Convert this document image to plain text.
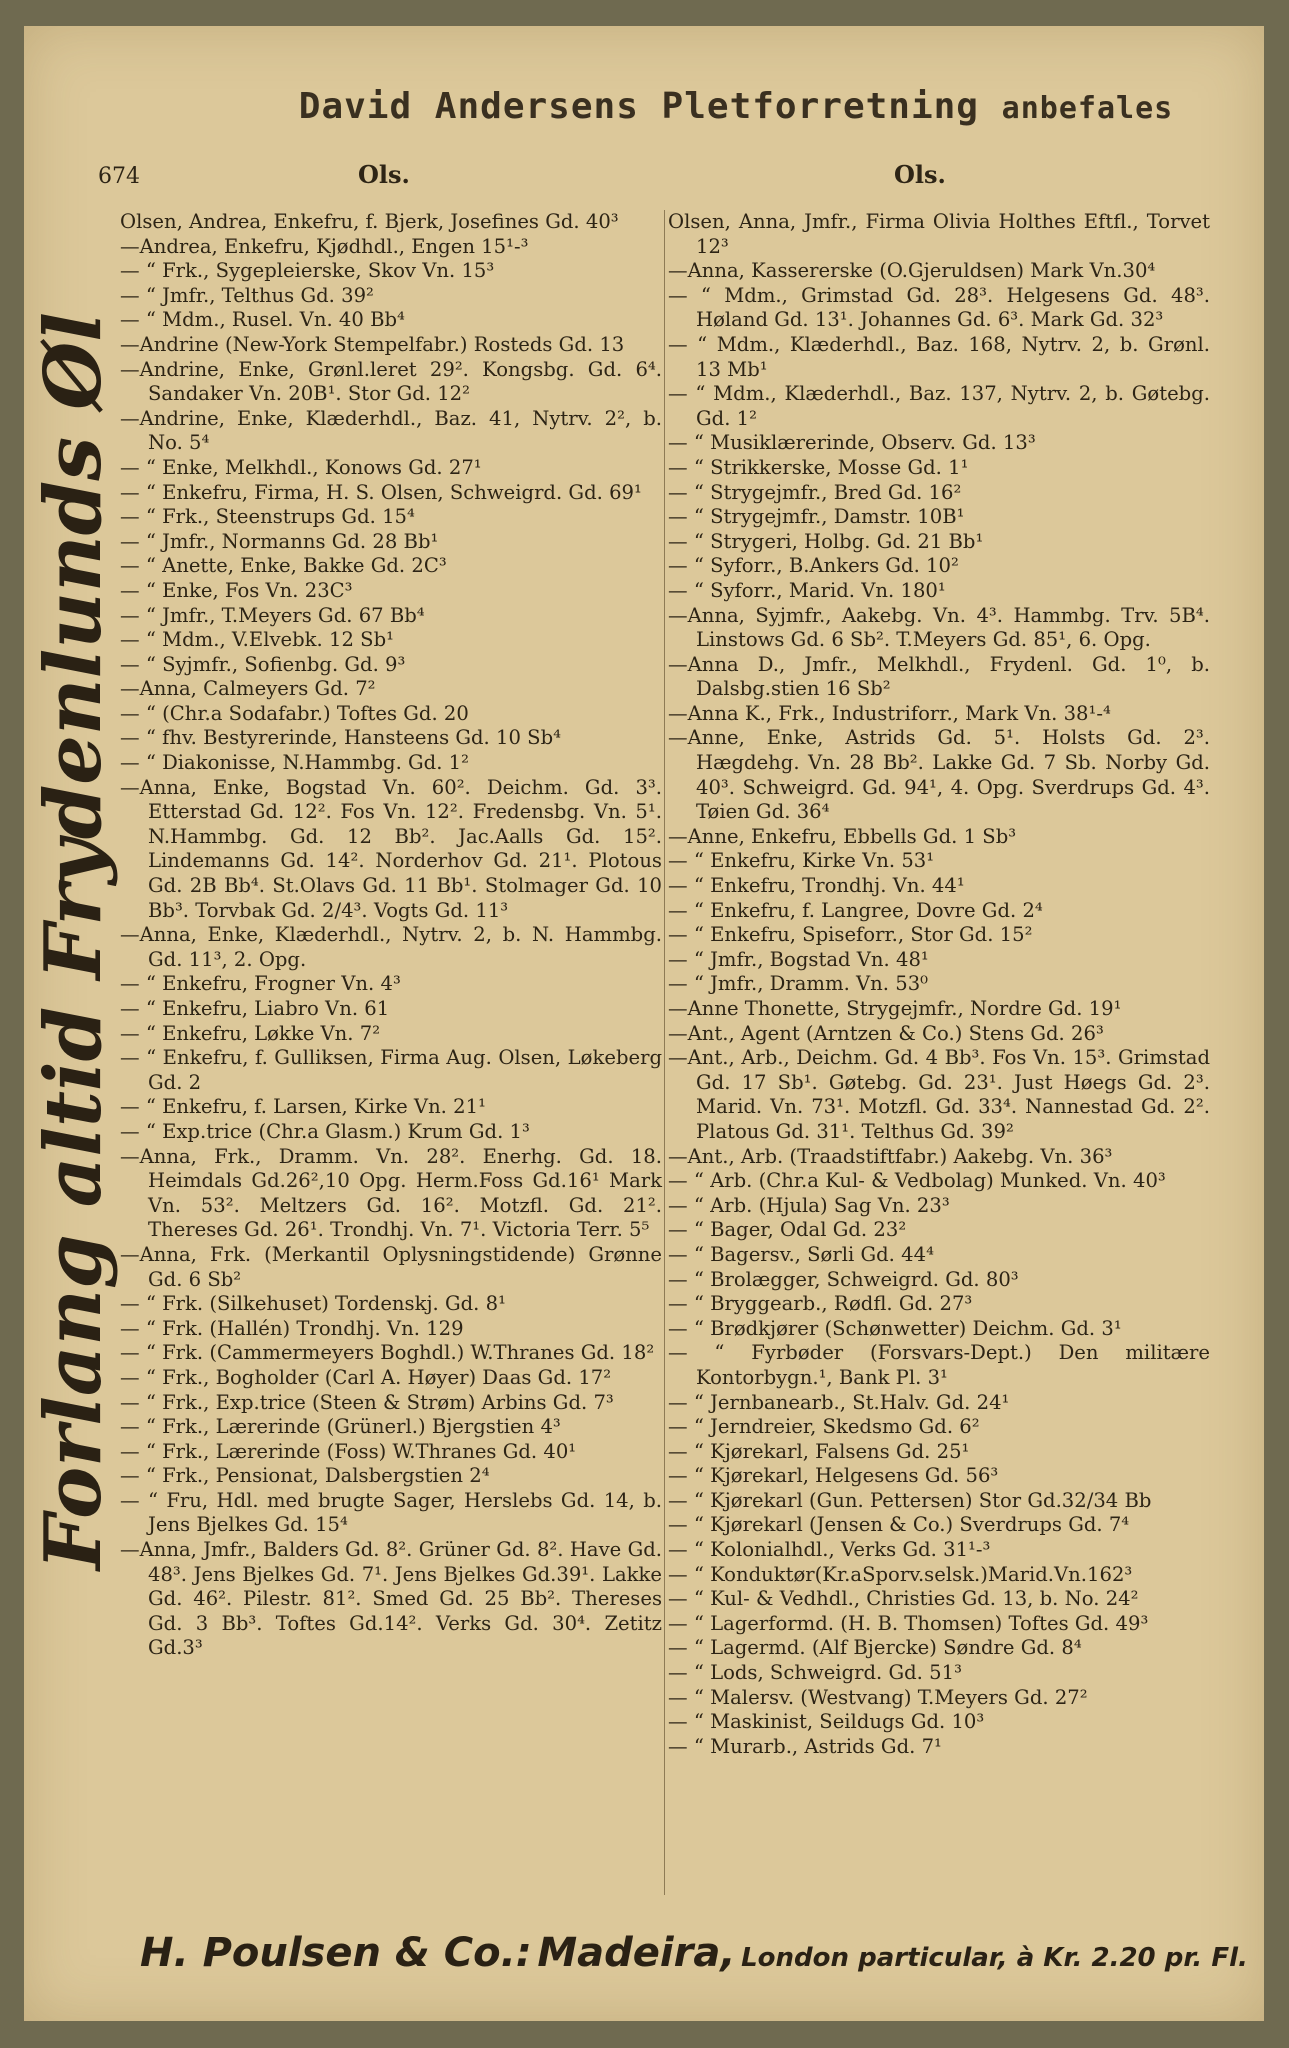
David Andersens Pletforretning anbefales
674	Ols.	Ols.
Forlang altid Frydenlunds Øl
Olsen, Andrea, Enkefru, f. Bjerk, Josefines Gd. 40³
—Andrea, Enkefru, Kjødhdl., Engen 15¹-³
— “ Frk., Sygepleierske, Skov Vn. 15³
— “ Jmfr., Telthus Gd. 39²
— “ Mdm., Rusel. Vn. 40 Bb⁴
—Andrine (New-York Stempelfabr.) Rosteds Gd. 13
—Andrine, Enke, Grønl.leret 29². Kongsbg. Gd. 6⁴. Sandaker Vn. 20B¹. Stor Gd. 12²
—Andrine, Enke, Klæderhdl., Baz. 41, Nytrv. 2², b. No. 5⁴
— “ Enke, Melkhdl., Konows Gd. 27¹
— “ Enkefru, Firma, H. S. Olsen, Schweigrd. Gd. 69¹
— “ Frk., Steenstrups Gd. 15⁴
— “ Jmfr., Normanns Gd. 28 Bb¹
— “ Anette, Enke, Bakke Gd. 2C³
— “ Enke, Fos Vn. 23C³
— “ Jmfr., T.Meyers Gd. 67 Bb⁴
— “ Mdm., V.Elvebk. 12 Sb¹
— “ Syjmfr., Sofienbg. Gd. 9³
—Anna, Calmeyers Gd. 7²
— “ (Chr.a Sodafabr.) Toftes Gd. 20
— “ fhv. Bestyrerinde, Hansteens Gd. 10 Sb⁴
— “ Diakonisse, N.Hammbg. Gd. 1²
—Anna, Enke, Bogstad Vn. 60². Deichm. Gd. 3³. Etterstad Gd. 12². Fos Vn. 12². Fredensbg. Vn. 5¹. N.Hammbg. Gd. 12 Bb². Jac.Aalls Gd. 15². Lindemanns Gd. 14². Norderhov Gd. 21¹. Plotous Gd. 2B Bb⁴. St.Olavs Gd. 11 Bb¹. Stolmager Gd. 10 Bb³. Torvbak Gd. 2/4³. Vogts Gd. 11³
—Anna, Enke, Klæderhdl., Nytrv. 2, b. N. Hammbg. Gd. 11³, 2. Opg.
— “ Enkefru, Frogner Vn. 4³
— “ Enkefru, Liabro Vn. 61
— “ Enkefru, Løkke Vn. 7²
— “ Enkefru, f. Gulliksen, Firma Aug. Olsen, Løkeberg Gd. 2
— “ Enkefru, f. Larsen, Kirke Vn. 21¹
— “ Exp.trice (Chr.a Glasm.) Krum Gd. 1³
—Anna, Frk., Dramm. Vn. 28². Enerhg. Gd. 18. Heimdals Gd.26²,10 Opg. Herm.Foss Gd.16¹ Mark Vn. 53². Meltzers Gd. 16². Motzfl. Gd. 21². Thereses Gd. 26¹. Trondhj. Vn. 7¹. Victoria Terr. 5⁵
—Anna, Frk. (Merkantil Oplysningstidende) Grønne Gd. 6 Sb²
— “ Frk. (Silkehuset) Tordenskj. Gd. 8¹
— “ Frk. (Hallén) Trondhj. Vn. 129
— “ Frk. (Cammermeyers Boghdl.) W.Thranes Gd. 18²
— “ Frk., Bogholder (Carl A. Høyer) Daas Gd. 17²
— “ Frk., Exp.trice (Steen & Strøm) Arbins Gd. 7³
— “ Frk., Lærerinde (Grünerl.) Bjergstien 4³
— “ Frk., Lærerinde (Foss) W.Thranes Gd. 40¹
— “ Frk., Pensionat, Dalsbergstien 2⁴
— “ Fru, Hdl. med brugte Sager, Herslebs Gd. 14, b. Jens Bjelkes Gd. 15⁴
—Anna, Jmfr., Balders Gd. 8². Grüner Gd. 8². Have Gd. 48³. Jens Bjelkes Gd. 7¹. Jens Bjelkes Gd.39¹. Lakke Gd. 46². Pilestr. 81². Smed Gd. 25 Bb². Thereses Gd. 3 Bb³. Toftes Gd.14². Verks Gd. 30⁴. Zetitz Gd.3³
Olsen, Anna, Jmfr., Firma Olivia Holthes Eftfl., Torvet 12³
—Anna, Kassererske (O.Gjeruldsen) Mark Vn.30⁴
— “ Mdm., Grimstad Gd. 28³. Helgesens Gd. 48³. Høland Gd. 13¹. Johannes Gd. 6³. Mark Gd. 32³
— “ Mdm., Klæderhdl., Baz. 168, Nytrv. 2, b. Grønl. 13 Mb¹
— “ Mdm., Klæderhdl., Baz. 137, Nytrv. 2, b. Gøtebg. Gd. 1²
— “ Musiklærerinde, Observ. Gd. 13³
— “ Strikkerske, Mosse Gd. 1¹
— “ Strygejmfr., Bred Gd. 16²
— “ Strygejmfr., Damstr. 10B¹
— “ Strygeri, Holbg. Gd. 21 Bb¹
— “ Syforr., B.Ankers Gd. 10²
— “ Syforr., Marid. Vn. 180¹
—Anna, Syjmfr., Aakebg. Vn. 4³. Hammbg. Trv. 5B⁴. Linstows Gd. 6 Sb². T.Meyers Gd. 85¹, 6. Opg.
—Anna D., Jmfr., Melkhdl., Frydenl. Gd. 1⁰, b. Dalsbg.stien 16 Sb²
—Anna K., Frk., Industriforr., Mark Vn. 38¹-⁴
—Anne, Enke, Astrids Gd. 5¹. Holsts Gd. 2³. Hægdehg. Vn. 28 Bb². Lakke Gd. 7 Sb. Norby Gd. 40³. Schweigrd. Gd. 94¹, 4. Opg. Sverdrups Gd. 4³. Tøien Gd. 36⁴
—Anne, Enkefru, Ebbells Gd. 1 Sb³
— “ Enkefru, Kirke Vn. 53¹
— “ Enkefru, Trondhj. Vn. 44¹
— “ Enkefru, f. Langree, Dovre Gd. 2⁴
— “ Enkefru, Spiseforr., Stor Gd. 15²
— “ Jmfr., Bogstad Vn. 48¹
— “ Jmfr., Dramm. Vn. 53⁰
—Anne Thonette, Strygejmfr., Nordre Gd. 19¹
—Ant., Agent (Arntzen & Co.) Stens Gd. 26³
—Ant., Arb., Deichm. Gd. 4 Bb³. Fos Vn. 15³. Grimstad Gd. 17 Sb¹. Gøtebg. Gd. 23¹. Just Høegs Gd. 2³. Marid. Vn. 73¹. Motzfl. Gd. 33⁴. Nannestad Gd. 2². Platous Gd. 31¹. Telthus Gd. 39²
—Ant., Arb. (Traadstiftfabr.) Aakebg. Vn. 36³
— “ Arb. (Chr.a Kul- & Vedbolag) Munked. Vn. 40³
— “ Arb. (Hjula) Sag Vn. 23³
— “ Bager, Odal Gd. 23²
— “ Bagersv., Sørli Gd. 44⁴
— “ Brolægger, Schweigrd. Gd. 80³
— “ Bryggearb., Rødfl. Gd. 27³
— “ Brødkjører (Schønwetter) Deichm. Gd. 3¹
— “ Fyrbøder (Forsvars-Dept.) Den militære Kontorbygn.¹, Bank Pl. 3¹
— “ Jernbanearb., St.Halv. Gd. 24¹
— “ Jerndreier, Skedsmo Gd. 6²
— “ Kjørekarl, Falsens Gd. 25¹
— “ Kjørekarl, Helgesens Gd. 56³
— “ Kjørekarl (Gun. Pettersen) Stor Gd.32/34 Bb
— “ Kjørekarl (Jensen & Co.) Sverdrups Gd. 7⁴
— “ Kolonialhdl., Verks Gd. 31¹-³
— “ Konduktør(Kr.aSporv.selsk.)Marid.Vn.162³
— “ Kul- & Vedhdl., Christies Gd. 13, b. No. 24²
— “ Lagerformd. (H. B. Thomsen) Toftes Gd. 49³
— “ Lagermd. (Alf Bjercke) Søndre Gd. 8⁴
— “ Lods, Schweigrd. Gd. 51³
— “ Malersv. (Westvang) T.Meyers Gd. 27²
— “ Maskinist, Seildugs Gd. 10³
— “ Murarb., Astrids Gd. 7¹
H. Poulsen & Co.: Madeira, London particular, à Kr. 2.20 pr. Fl.
